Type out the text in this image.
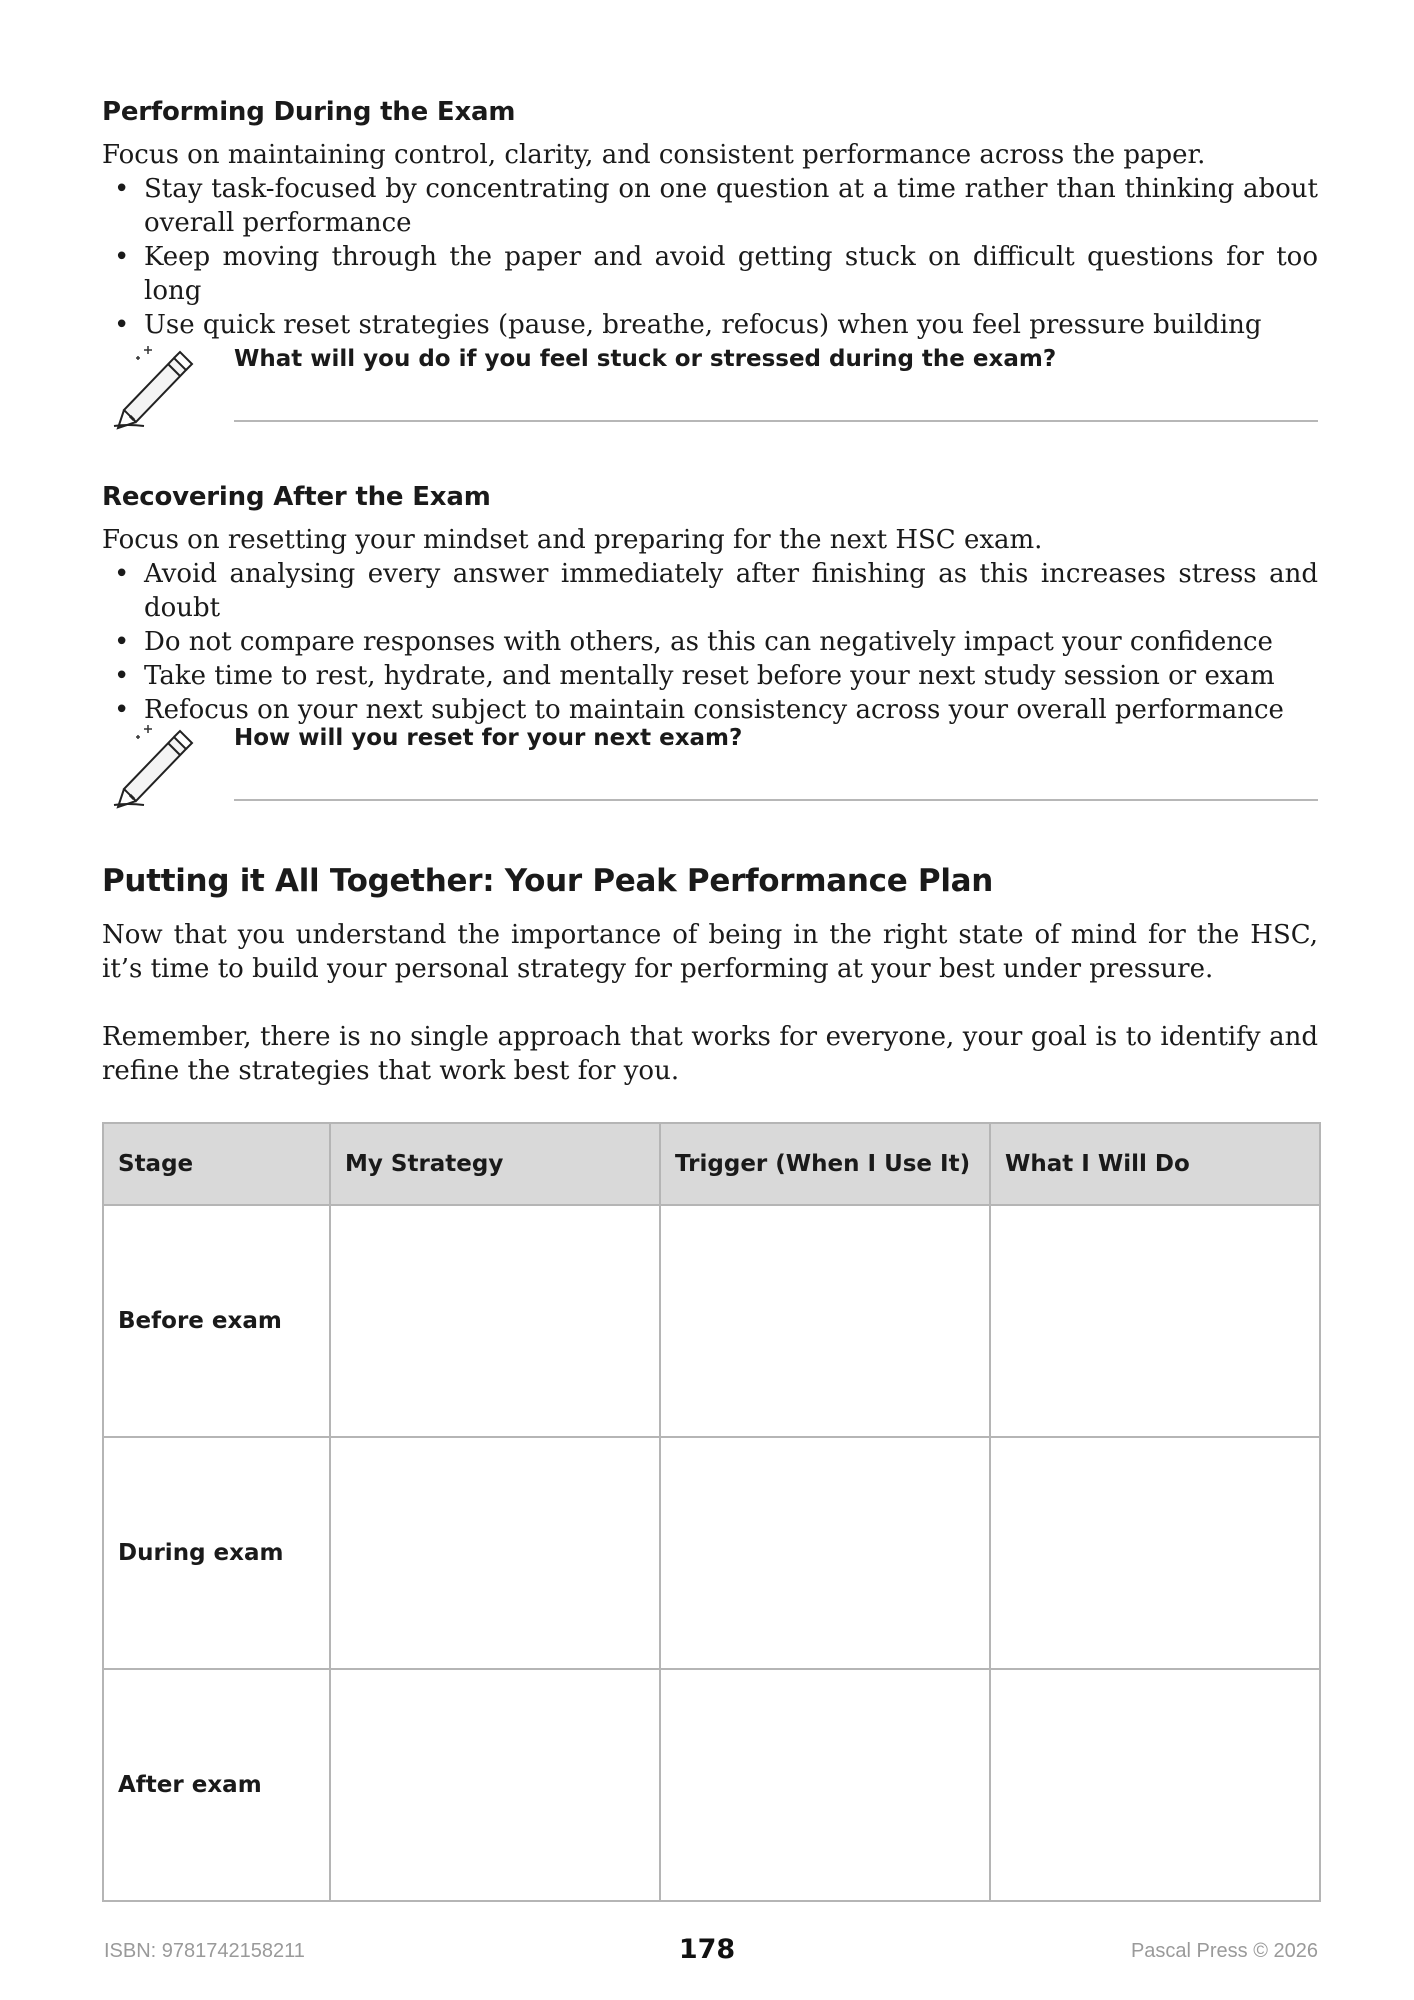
Performing During the Exam

Focus on maintaining control, clarity, and consistent performance across the paper.

• Stay task-focused by concentrating on one question at a time rather than thinking about overall performance
• Keep moving through the paper and avoid getting stuck on difficult questions for too long
• Use quick reset strategies (pause, breathe, refocus) when you feel pressure building
What will you do if you feel stuck or stressed during the exam?
Recovering After the Exam

Focus on resetting your mindset and preparing for the next HSC exam.

• Avoid analysing every answer immediately after finishing as this increases stress and doubt
• Do not compare responses with others, as this can negatively impact your confidence
• Take time to rest, hydrate, and mentally reset before your next study session or exam
• Refocus on your next subject to maintain consistency across your overall performance
How will you reset for your next exam?
Putting it All Together: Your Peak Performance Plan

Now that you understand the importance of being in the right state of mind for the HSC, it’s time to build your personal strategy for performing at your best under pressure.

Remember, there is no single approach that works for everyone, your goal is to identify and refine the strategies that work best for you.

Stage	My Strategy	Trigger (When I Use It)	What I Will Do
Before exam			
During exam			
After exam			
ISBN: 9781742158211	178	Pascal Press © 2026
